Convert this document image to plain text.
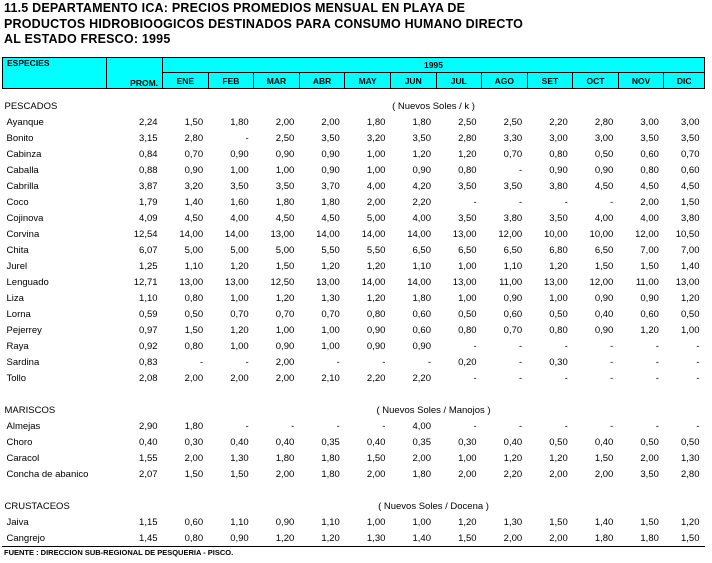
11.5 DEPARTAMENTO ICA: PRECIOS PROMEDIOS MENSUAL EN PLAYA DE
PRODUCTOS HIDROBIOOGICOS DESTINADOS PARA CONSUMO HUMANO DIRECTO
AL ESTADO FRESCO: 1995
ESPECIES	PROM.	1995											
		ENE	FEB	MAR	ABR	MAY	JUN	JUL	AGO	SET	OCT	NOV	DIC

PESCADOS		( Nuevos Soles / k )											
Ayanque	2,24	1,50	1,80	2,00	2,00	1,80	1,80	2,50	2,50	2,20	2,80	3,00	3,00
Bonito	3,15	2,80	-	2,50	3,50	3,20	3,50	2,80	3,30	3,00	3,00	3,50	3,50
Cabinza	0,84	0,70	0,90	0,90	0,90	1,00	1,20	1,20	0,70	0,80	0,50	0,60	0,70
Caballa	0,88	0,90	1,00	1,00	0,90	1,00	0,90	0,80	-	0,90	0,90	0,80	0,60
Cabrilla	3,87	3,20	3,50	3,50	3,70	4,00	4,20	3,50	3,50	3,80	4,50	4,50	4,50
Coco	1,79	1,40	1,60	1,80	1,80	2,00	2,20	-	-	-	-	2,00	1,50
Cojinova	4,09	4,50	4,00	4,50	4,50	5,00	4,00	3,50	3,80	3,50	4,00	4,00	3,80
Corvina	12,54	14,00	14,00	13,00	14,00	14,00	14,00	13,00	12,00	10,00	10,00	12,00	10,50
Chita	6,07	5,00	5,00	5,00	5,50	5,50	6,50	6,50	6,50	6,80	6,50	7,00	7,00
Jurel	1,25	1,10	1,20	1,50	1,20	1,20	1,10	1,00	1,10	1,20	1,50	1,50	1,40
Lenguado	12,71	13,00	13,00	12,50	13,00	14,00	14,00	13,00	11,00	13,00	12,00	11,00	13,00
Liza	1,10	0,80	1,00	1,20	1,30	1,20	1,80	1,00	0,90	1,00	0,90	0,90	1,20
Lorna	0,59	0,50	0,70	0,70	0,70	0,80	0,60	0,50	0,60	0,50	0,40	0,60	0,50
Pejerrey	0,97	1,50	1,20	1,00	1,00	0,90	0,60	0,80	0,70	0,80	0,90	1,20	1,00
Raya	0,92	0,80	1,00	0,90	1,00	0,90	0,90	-	-	-	-	-	-
Sardina	0,83	-	-	2,00	-	-	-	0,20	-	0,30	-	-	-
Tollo	2,08	2,00	2,00	2,00	2,10	2,20	2,20	-	-	-	-	-	-

MARISCOS		( Nuevos Soles / Manojos )											
Almejas	2,90	1,80	-	-	-	-	4,00	-	-	-	-	-	-
Choro	0,40	0,30	0,40	0,40	0,35	0,40	0,35	0,30	0,40	0,50	0,40	0,50	0,50
Caracol	1,55	2,00	1,30	1,80	1,80	1,50	2,00	1,00	1,20	1,20	1,50	2,00	1,30
Concha de abanico	2,07	1,50	1,50	2,00	1,80	2,00	1,80	2,00	2,20	2,00	2,00	3,50	2,80

CRUSTACEOS		( Nuevos Soles / Docena )											
Jaiva	1,15	0,60	1,10	0,90	1,10	1,00	1,00	1,20	1,30	1,50	1,40	1,50	1,20
Cangrejo	1,45	0,80	0,90	1,20	1,20	1,30	1,40	1,50	2,00	2,00	1,80	1,80	1,50
FUENTE : DIRECCION SUB-REGIONAL DE PESQUERIA - PISCO.
